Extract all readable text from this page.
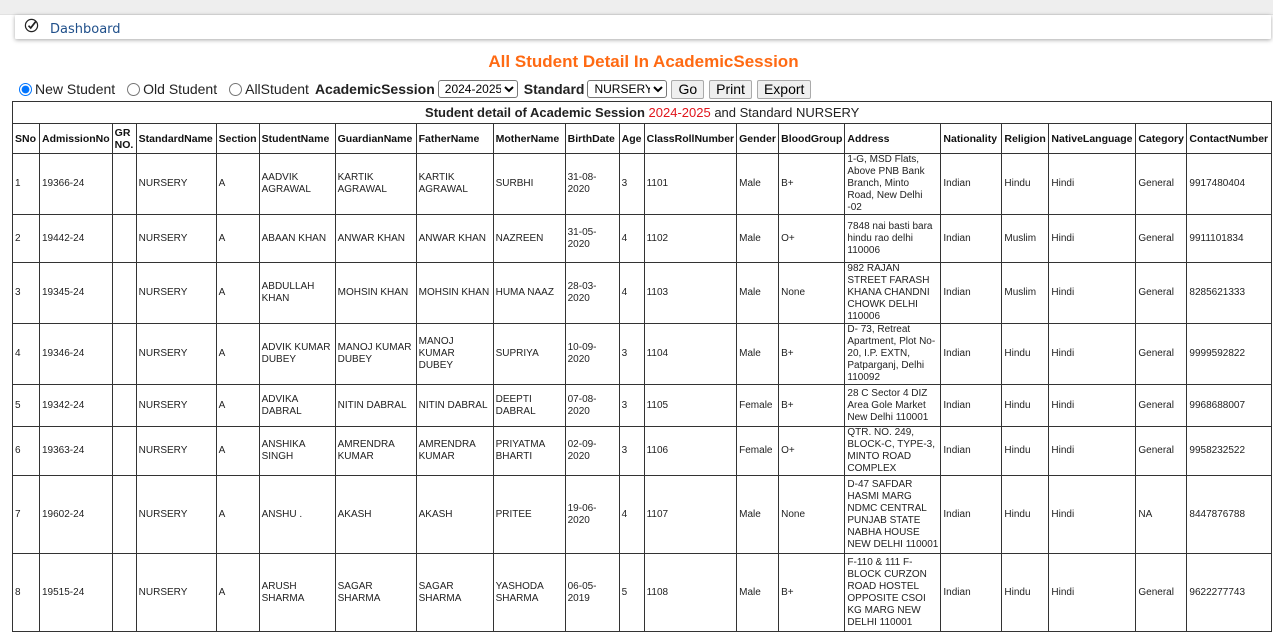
Dashboard
All Student Detail In AcademicSession
New Student Old Student AllStudent AcademicSession
2024-2025	Standard
NURSERY	Go	Print	Export
Student detail of Academic Session 2024-2025 and Standard NURSERY																			
SNo	AdmissionNo	GR NO.	StandardName	Section	StudentName	GuardianName	FatherName	MotherName	BirthDate	Age	ClassRollNumber	Gender	BloodGroup	Address	Nationality	Religion	NativeLanguage	Category	ContactNumber
1	19366-24		NURSERY	A	AADVIK AGRAWAL	KARTIK AGRAWAL	KARTIK AGRAWAL	SURBHI	31-08-2020	3	1101	Male	B+	1-G, MSD Flats, Above PNB Bank Branch, Minto Road, New Delhi -02	Indian	Hindu	Hindi	General	9917480404
2	19442-24		NURSERY	A	ABAAN KHAN	ANWAR KHAN	ANWAR KHAN	NAZREEN	31-05-2020	4	1102	Male	O+	7848 nai basti bara hindu rao delhi 110006	Indian	Muslim	Hindi	General	9911101834
3	19345-24		NURSERY	A	ABDULLAH KHAN	MOHSIN KHAN	MOHSIN KHAN	HUMA NAAZ	28-03-2020	4	1103	Male	None	982 RAJAN STREET FARASH KHANA CHANDNI CHOWK DELHI 110006	Indian	Muslim	Hindi	General	8285621333
4	19346-24		NURSERY	A	ADVIK KUMAR DUBEY	MANOJ KUMAR DUBEY	MANOJ KUMAR DUBEY	SUPRIYA	10-09-2020	3	1104	Male	B+	D- 73, Retreat Apartment, Plot No-20, I.P. EXTN, Patparganj, Delhi 110092	Indian	Hindu	Hindi	General	9999592822
5	19342-24		NURSERY	A	ADVIKA DABRAL	NITIN DABRAL	NITIN DABRAL	DEEPTI DABRAL	07-08-2020	3	1105	Female	B+	28 C Sector 4 DIZ Area Gole Market New Delhi 110001	Indian	Hindu	Hindi	General	9968688007
6	19363-24		NURSERY	A	ANSHIKA SINGH	AMRENDRA KUMAR	AMRENDRA KUMAR	PRIYATMA BHARTI	02-09-2020	3	1106	Female	O+	QTR. NO. 249, BLOCK-C, TYPE-3, MINTO ROAD COMPLEX	Indian	Hindu	Hindi	General	9958232522
7	19602-24		NURSERY	A	ANSHU .	AKASH	AKASH	PRITEE	19-06-2020	4	1107	Male	None	D-47 SAFDAR HASMI MARG NDMC CENTRAL PUNJAB STATE NABHA HOUSE NEW DELHI 110001	Indian	Hindu	Hindi	NA	8447876788
8	19515-24		NURSERY	A	ARUSH SHARMA	SAGAR SHARMA	SAGAR SHARMA	YASHODA SHARMA	06-05-2019	5	1108	Male	B+	F-110 & 111 F-BLOCK CURZON ROAD HOSTEL OPPOSITE CSOI KG MARG NEW DELHI 110001	Indian	Hindu	Hindi	General	9622277743
